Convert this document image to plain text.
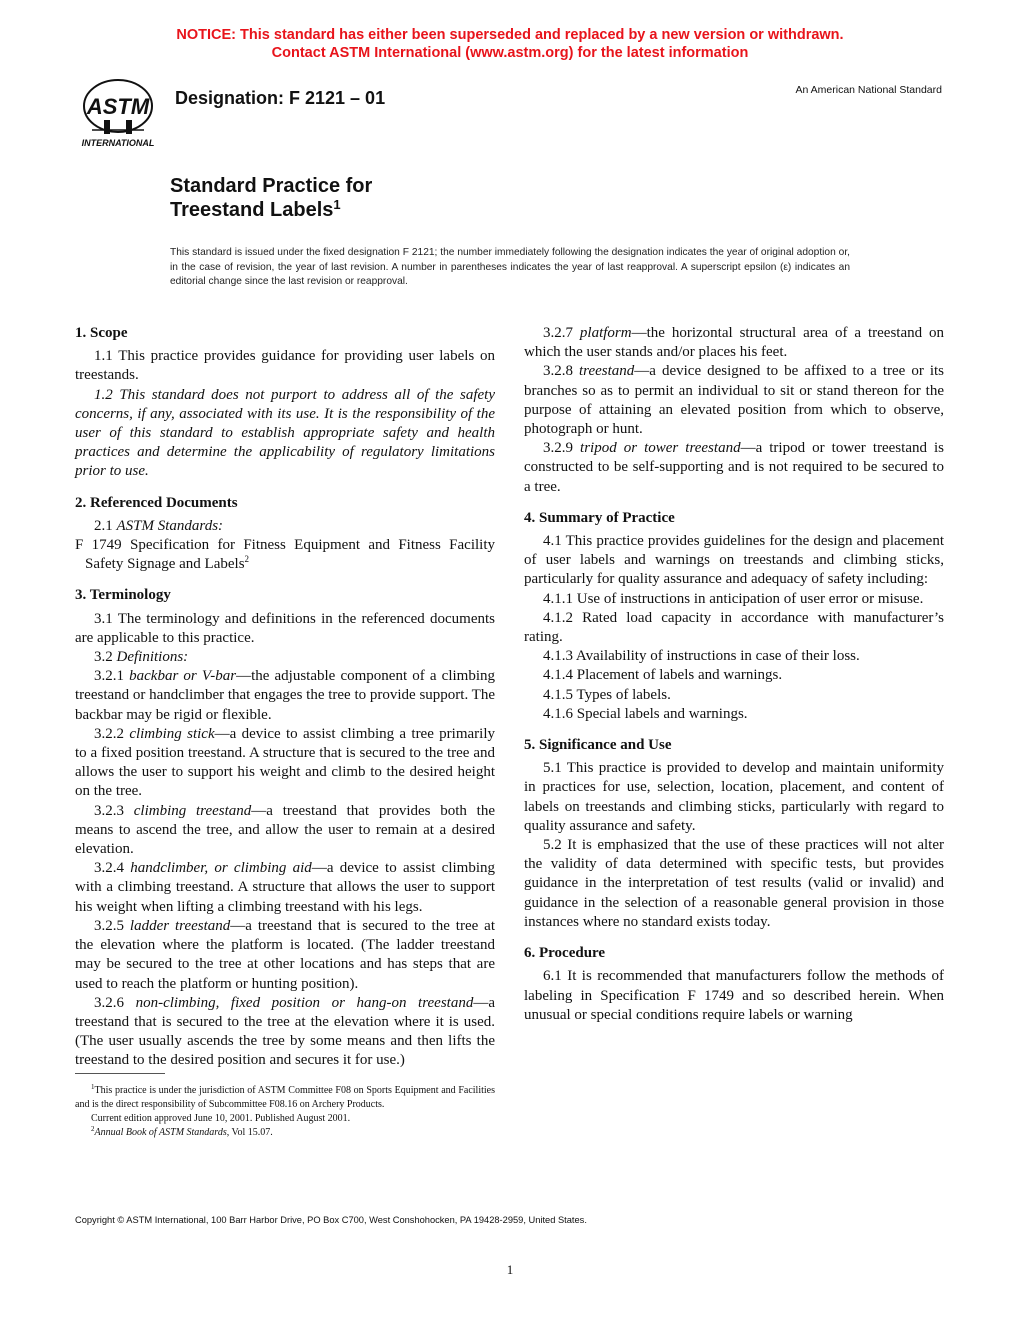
NOTICE: This standard has either been superseded and replaced by a new version or withdrawn.
Contact ASTM International (www.astm.org) for the latest information
ASTM
INTERNATIONAL
Designation: F 2121 – 01	An American National Standard
Standard Practice for
Treestand Labels$^1$
This standard is issued under the fixed designation F 2121; the number immediately following the designation indicates the year of original adoption or, in the case of revision, the year of last revision. A number in parentheses indicates the year of last reapproval. A superscript epsilon (ε) indicates an editorial change since the last revision or reapproval.
1. Scope

1.1 This practice provides guidance for providing user labels on treestands.

1.2 This standard does not purport to address all of the safety concerns, if any, associated with its use. It is the responsibility of the user of this standard to establish appropriate safety and health practices and determine the applicability of regulatory limitations prior to use.

2. Referenced Documents

2.1 ASTM Standards:

F 1749 Specification for Fitness Equipment and Fitness Facility Safety Signage and Labels$^2$

3. Terminology

3.1 The terminology and definitions in the referenced documents are applicable to this practice.

3.2 Definitions:

3.2.1 backbar or V-bar—the adjustable component of a climbing treestand or handclimber that engages the tree to provide support. The backbar may be rigid or flexible.

3.2.2 climbing stick—a device to assist climbing a tree primarily to a fixed position treestand. A structure that is secured to the tree and allows the user to support his weight and climb to the desired height on the tree.

3.2.3 climbing treestand—a treestand that provides both the means to ascend the tree, and allow the user to remain at a desired elevation.

3.2.4 handclimber, or climbing aid—a device to assist climbing with a climbing treestand. A structure that allows the user to support his weight when lifting a climbing treestand with his legs.

3.2.5 ladder treestand—a treestand that is secured to the tree at the elevation where the platform is located. (The ladder treestand may be secured to the tree at other locations and has steps that are used to reach the platform or hunting position).

3.2.6 non-climbing, fixed position or hang-on treestand—a treestand that is secured to the tree at the elevation where it is used. (The user usually ascends the tree by some means and then lifts the treestand to the desired position and secures it for use.)

3.2.7 platform—the horizontal structural area of a treestand on which the user stands and/or places his feet.

3.2.8 treestand—a device designed to be affixed to a tree or its branches so as to permit an individual to sit or stand thereon for the purpose of attaining an elevated position from which to observe, photograph or hunt.

3.2.9 tripod or tower treestand—a tripod or tower treestand is constructed to be self-supporting and is not required to be secured to a tree.

4. Summary of Practice

4.1 This practice provides guidelines for the design and placement of user labels and warnings on treestands and climbing sticks, particularly for quality assurance and adequacy of safety including:

4.1.1 Use of instructions in anticipation of user error or misuse.

4.1.2 Rated load capacity in accordance with manufacturer’s rating.

4.1.3 Availability of instructions in case of their loss.

4.1.4 Placement of labels and warnings.

4.1.5 Types of labels.

4.1.6 Special labels and warnings.

5. Significance and Use

5.1 This practice is provided to develop and maintain uniformity in practices for use, selection, location, placement, and content of labels on treestands and climbing sticks, particularly with regard to quality assurance and safety.

5.2 It is emphasized that the use of these practices will not alter the validity of data determined with specific tests, but provides guidance in the interpretation of test results (valid or invalid) and guidance in the selection of a reasonable general provision in those instances where no standard exists today.

6. Procedure

6.1 It is recommended that manufacturers follow the methods of labeling in Specification F 1749 and so described herein. When unusual or special conditions require labels or warning

$^1$This practice is under the jurisdiction of ASTM Committee F08 on Sports Equipment and Facilities and is the direct responsibility of Subcommittee F08.16 on Archery Products.

Current edition approved June 10, 2001. Published August 2001.

$^2$Annual Book of ASTM Standards, Vol 15.07.

Copyright © ASTM International, 100 Barr Harbor Drive, PO Box C700, West Conshohocken, PA 19428-2959, United States.
1
